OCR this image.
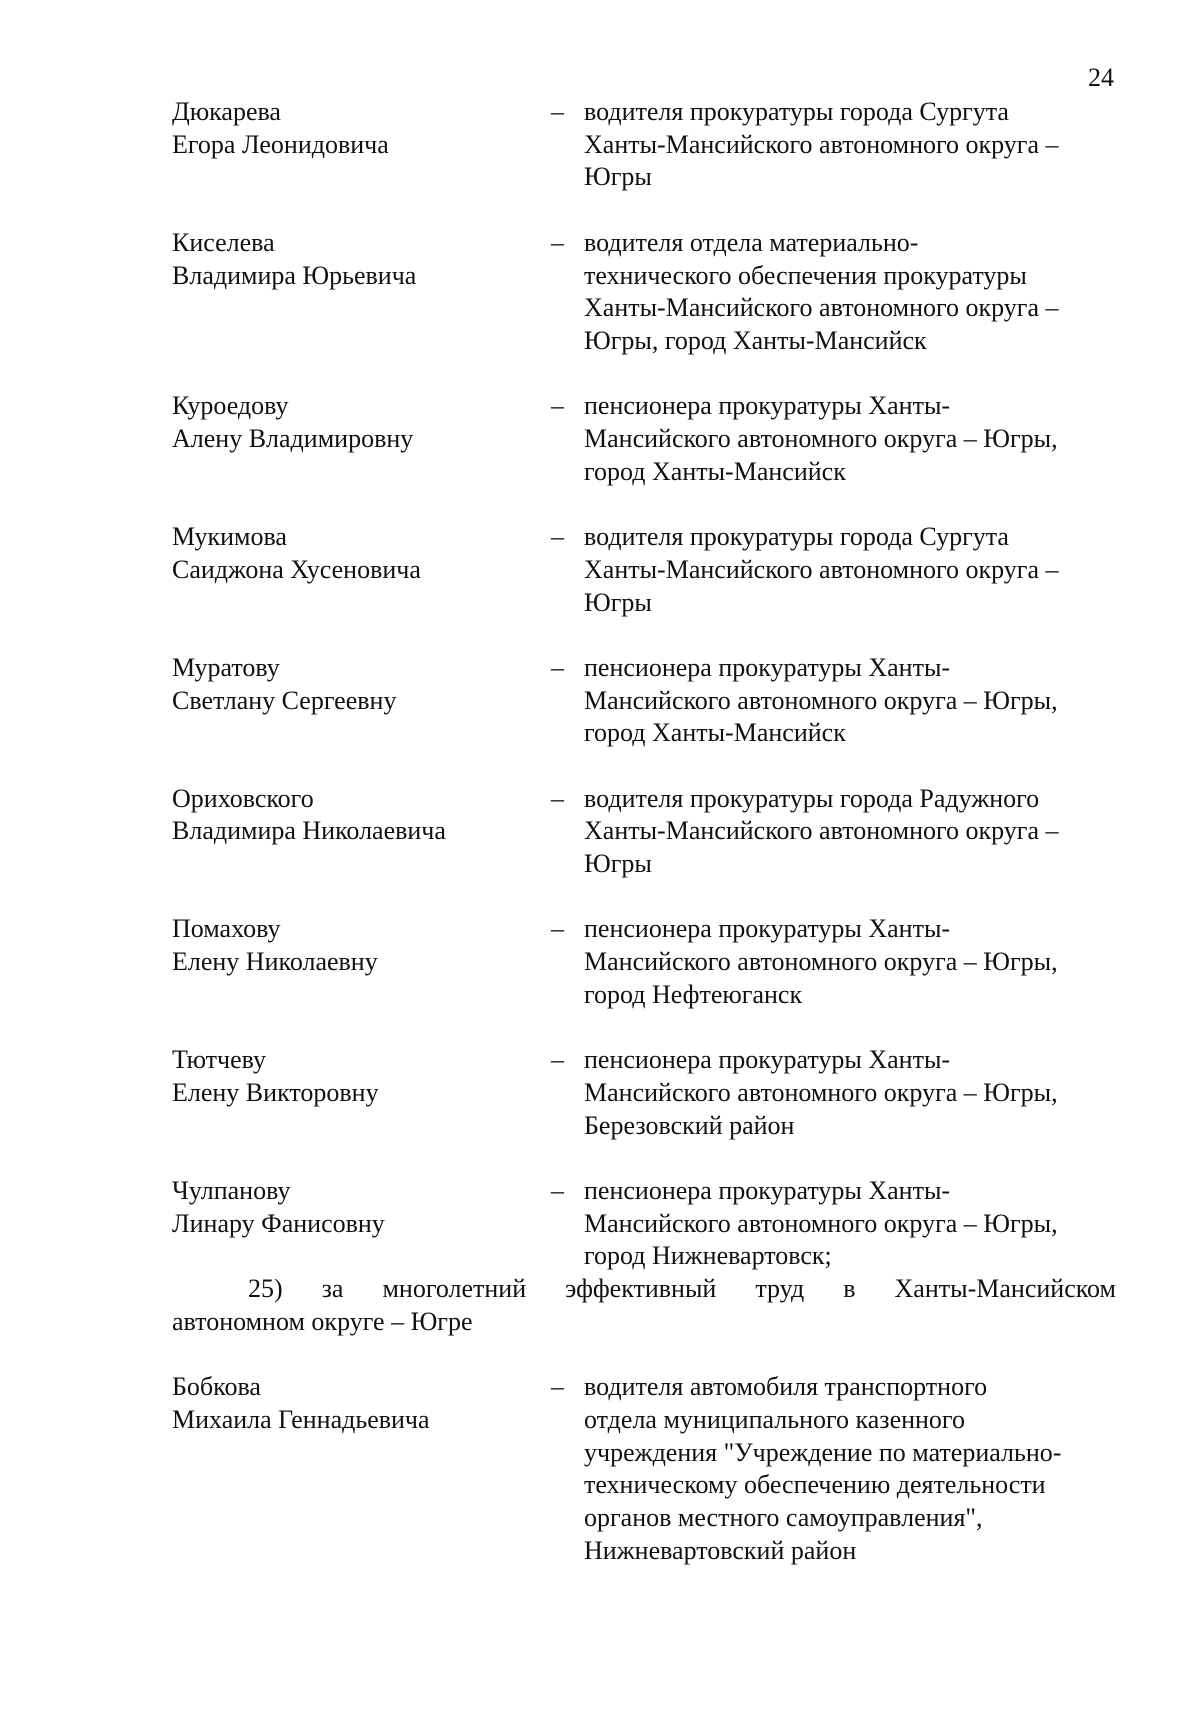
24
Дюкарева
Егора Леонидовича
– водителя прокуратуры города Сургута
Ханты-Мансийского автономного округа –
Югры
Киселева
Владимира Юрьевича
– водителя отдела материально-
технического обеспечения прокуратуры
Ханты-Мансийского автономного округа –
Югры, город Ханты-Мансийск
Куроедову
Алену Владимировну
– пенсионера прокуратуры Ханты-
Мансийского автономного округа – Югры,
город Ханты-Мансийск
Мукимова
Саиджона Хусеновича
– водителя прокуратуры города Сургута
Ханты-Мансийского автономного округа –
Югры
Муратову
Светлану Сергеевну
– пенсионера прокуратуры Ханты-
Мансийского автономного округа – Югры,
город Ханты-Мансийск
Ориховского
Владимира Николаевича
– водителя прокуратуры города Радужного
Ханты-Мансийского автономного округа –
Югры
Помахову
Елену Николаевну
– пенсионера прокуратуры Ханты-
Мансийского автономного округа – Югры,
город Нефтеюганск
Тютчеву
Елену Викторовну
– пенсионера прокуратуры Ханты-
Мансийского автономного округа – Югры,
Березовский район
Чулпанову
Линару Фанисовну
– пенсионера прокуратуры Ханты-
Мансийского автономного округа – Югры,
город Нижневартовск;
25) за многолетний эффективный труд в Ханты-Мансийском
автономном округе – Югре
Бобкова
Михаила Геннадьевича
– водителя автомобиля транспортного
отдела муниципального казенного
учреждения "Учреждение по материально-
техническому обеспечению деятельности
органов местного самоуправления",
Нижневартовский район
